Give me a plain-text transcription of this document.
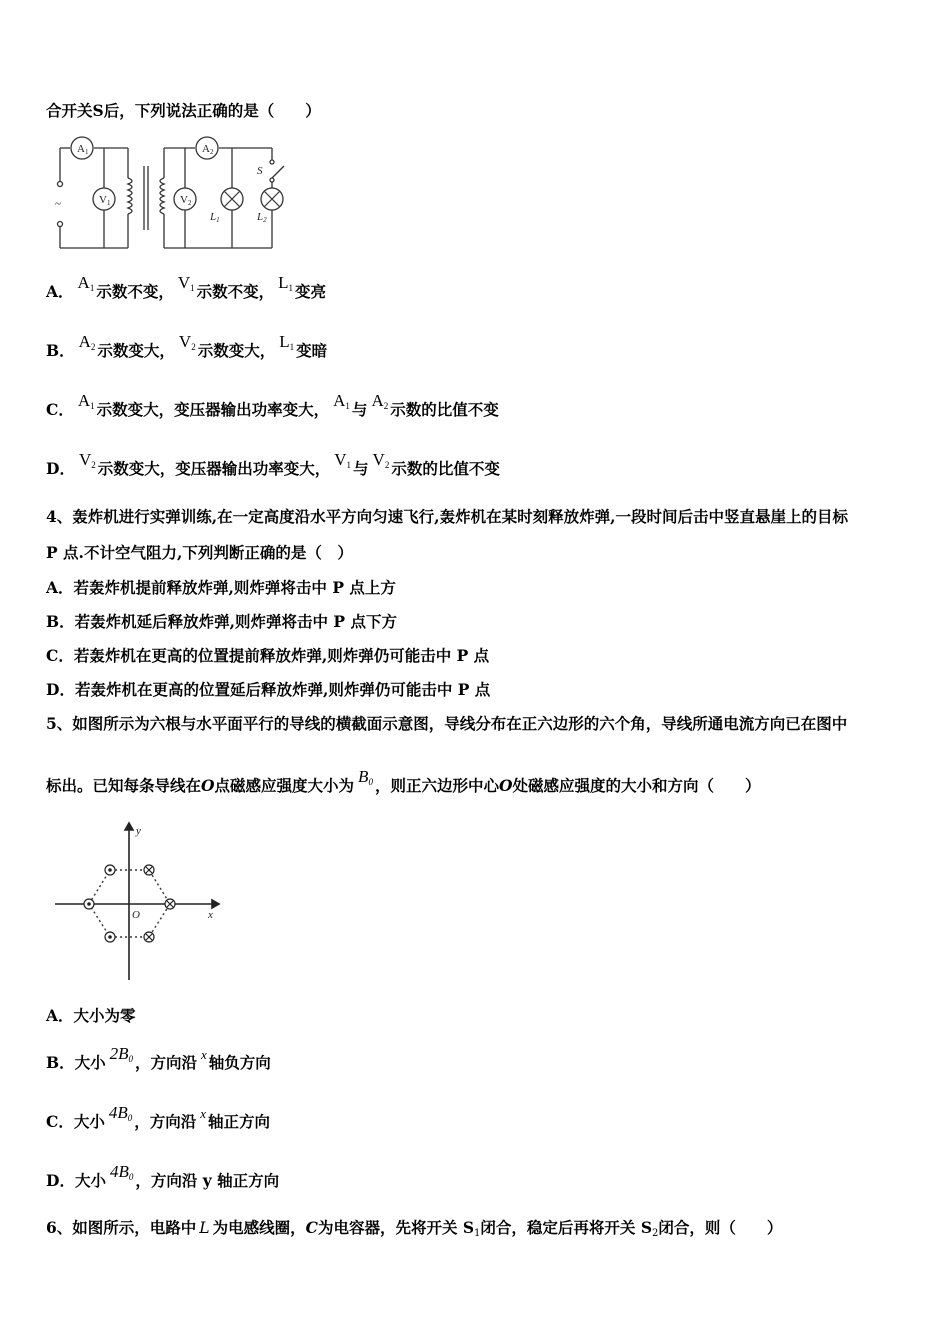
合开关S后，下列说法正确的是（　　）
A1	A2
V1	V2
L1	L2
S
~
A． $A_1$ 示数不变， $V_1$ 示数不变， $L_1$ 变亮
B． $A_2$ 示数变大， $V_2$ 示数变大， $L_1$ 变暗
C． $A_1$ 示数变大，变压器输出功率变大， $A_1$ 与 $A_2$ 示数的比值不变
D． $V_2$ 示数变大，变压器输出功率变大， $V_1$ 与 $V_2$ 示数的比值不变
4、轰炸机进行实弹训练,在一定高度沿水平方向匀速飞行,轰炸机在某时刻释放炸弹,一段时间后击中竖直悬崖上的目标
P 点.不计空气阻力,下列判断正确的是（　）
A．若轰炸机提前释放炸弹,则炸弹将击中 P 点上方
B．若轰炸机延后释放炸弹,则炸弹将击中 P 点下方
C．若轰炸机在更高的位置提前释放炸弹,则炸弹仍可能击中 P 点
D．若轰炸机在更高的位置延后释放炸弹,则炸弹仍可能击中 P 点
5、如图所示为六根与水平面平行的导线的横截面示意图，导线分布在正六边形的六个角，导线所通电流方向已在图中
标出。已知每条导线在O点磁感应强度大小为 $B_0$ ，则正六边形中心O处磁感应强度的大小和方向（　　）
y
x
O
A．大小为零
B．大小 $2B_0$ ，方向沿 $^x$ 轴负方向
C．大小 $4B_0$ ，方向沿 $^x$ 轴正方向
D．大小 $4B_0$ ，方向沿 y 轴正方向
6、如图所示，电路中 L 为电感线圈，C为电容器，先将开关 $S_1$闭合，稳定后再将开关 $S_2$闭合，则（　　）
